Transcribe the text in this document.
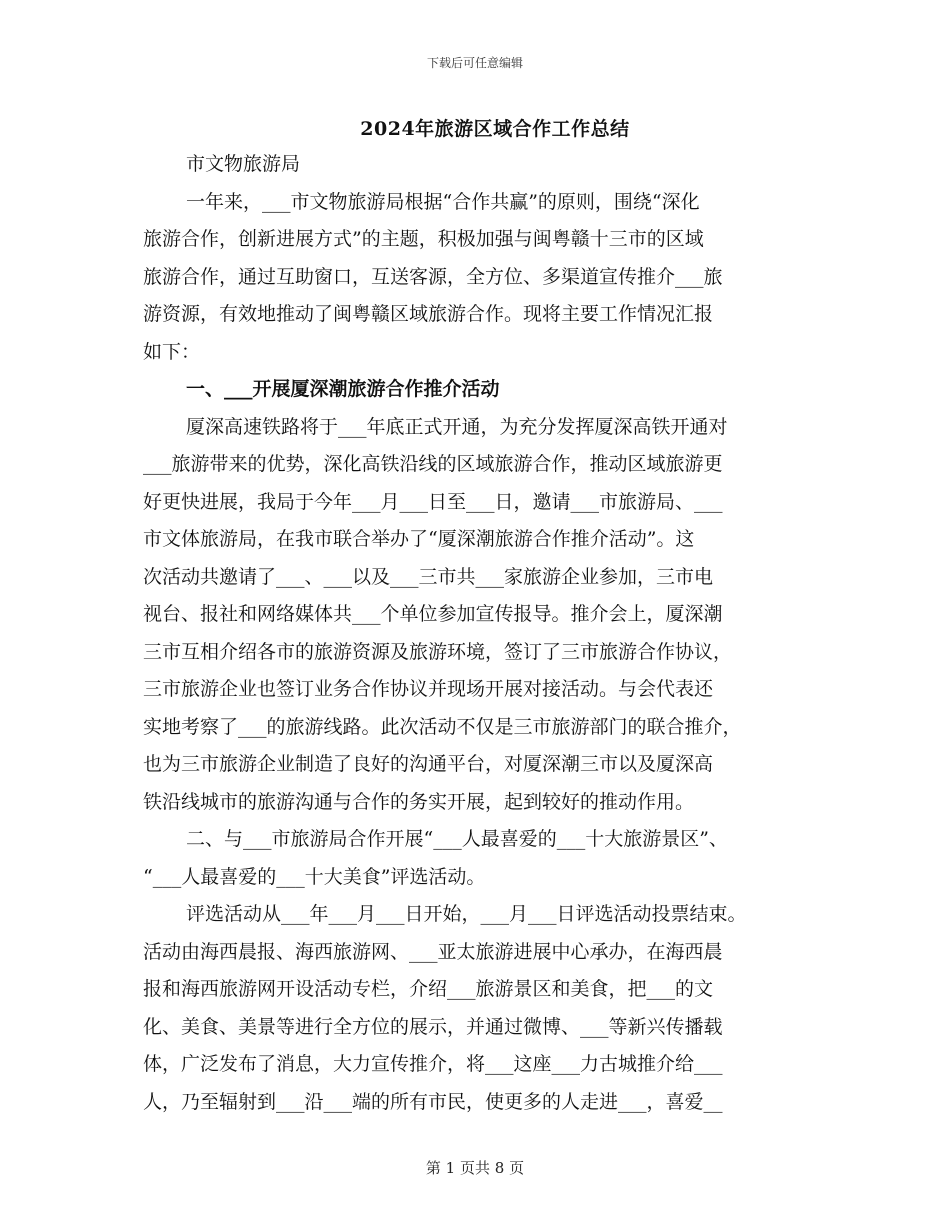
下载后可任意编辑
2024年旅游区域合作工作总结
市文物旅游局
一年来，___市文物旅游局根据“合作共赢”的原则，围绕“深化
旅游合作，创新进展方式”的主题，积极加强与闽粤赣十三市的区域
旅游合作，通过互助窗口，互送客源，全方位、多渠道宣传推介___旅
游资源，有效地推动了闽粤赣区域旅游合作。现将主要工作情况汇报
如下：
一、___开展厦深潮旅游合作推介活动
厦深高速铁路将于___年底正式开通，为充分发挥厦深高铁开通对
___旅游带来的优势，深化高铁沿线的区域旅游合作，推动区域旅游更
好更快进展，我局于今年___月___日至___日，邀请___市旅游局、___
市文体旅游局，在我市联合举办了“厦深潮旅游合作推介活动”。这
次活动共邀请了___、___以及___三市共___家旅游企业参加，三市电
视台、报社和网络媒体共___个单位参加宣传报导。推介会上，厦深潮
三市互相介绍各市的旅游资源及旅游环境，签订了三市旅游合作协议，
三市旅游企业也签订业务合作协议并现场开展对接活动。与会代表还
实地考察了___的旅游线路。此次活动不仅是三市旅游部门的联合推介，
也为三市旅游企业制造了良好的沟通平台，对厦深潮三市以及厦深高
铁沿线城市的旅游沟通与合作的务实开展，起到较好的推动作用。
二、与___市旅游局合作开展“___人最喜爱的___十大旅游景区”、
“___人最喜爱的___十大美食”评选活动。
评选活动从___年___月___日开始，___月___日评选活动投票结束。
活动由海西晨报、海西旅游网、___亚太旅游进展中心承办，在海西晨
报和海西旅游网开设活动专栏，介绍___旅游景区和美食，把___的文
化、美食、美景等进行全方位的展示，并通过微博、___等新兴传播载
体，广泛发布了消息，大力宣传推介，将___这座___力古城推介给___
人，乃至辐射到___沿___端的所有市民，使更多的人走进___，喜爱__
第 1 页共 8 页
